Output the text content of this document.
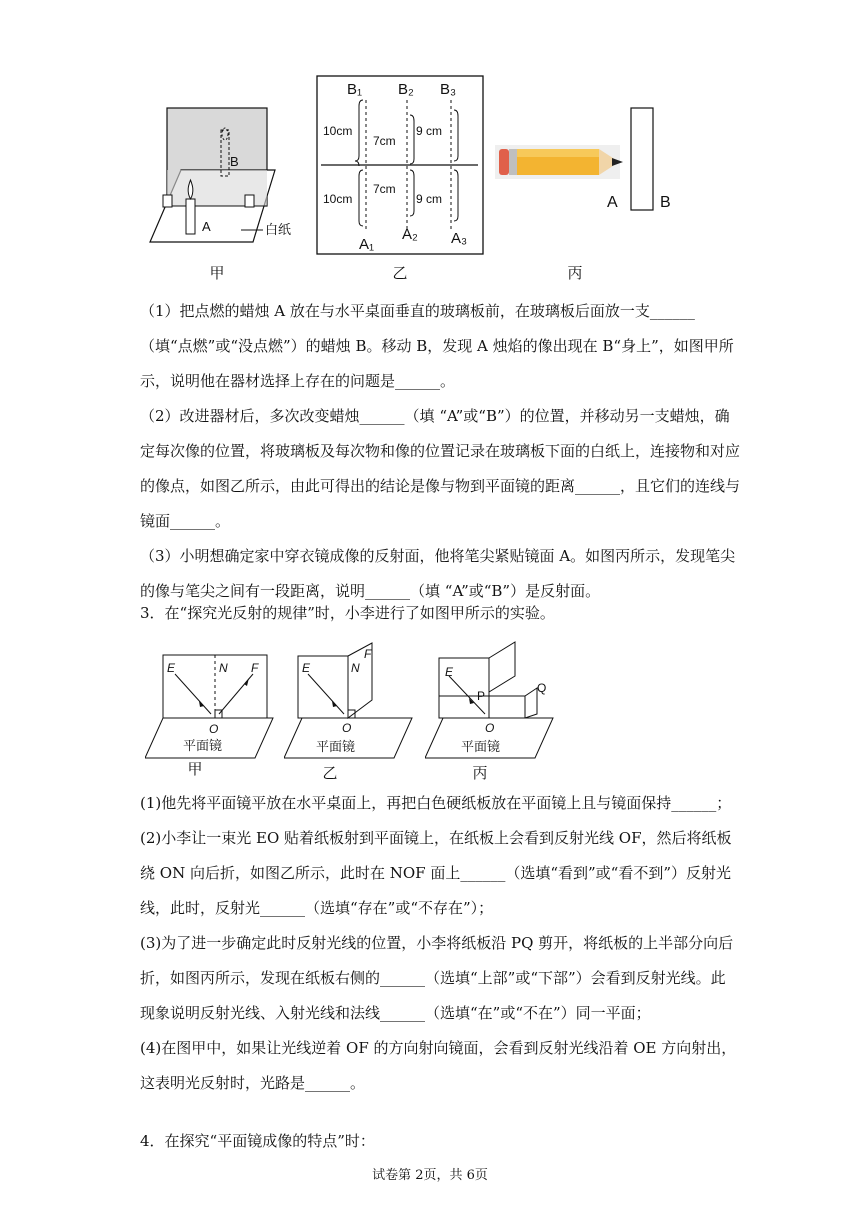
B
A	白纸
B₁ B₂ B₃
10cm
7cm
9 cm
10cm
7cm
9 cm
A₁
A₂ A₃
A	B
甲	乙	丙

（1）把点燃的蜡烛 A 放在与水平桌面垂直的玻璃板前，在玻璃板后面放一支______（填“点燃”或“没点燃”）的蜡烛 B。移动 B，发现 A 烛焰的像出现在 B“身上”，如图甲所示，说明他在器材选择上存在的问题是______。

（2）改进器材后，多次改变蜡烛______（填 “A”或“B”）的位置，并移动另一支蜡烛，确定每次像的位置，将玻璃板及每次物和像的位置记录在玻璃板下面的白纸上，连接物和对应的像点，如图乙所示，由此可得出的结论是像与物到平面镜的距离______，且它们的连线与镜面______。

（3）小明想确定家中穿衣镜成像的反射面，他将笔尖紧贴镜面 A。如图丙所示，发现笔尖的像与笔尖之间有一段距离，说明______（填 “A”或“B”）是反射面。

3．在“探究光反射的规律”时，小李进行了如图甲所示的实验。
E	N F
O
平面镜
E	N
F
O
平面镜
E
P
Q
O
平面镜
甲	乙	丙

(1)他先将平面镜平放在水平桌面上，再把白色硬纸板放在平面镜上且与镜面保持______；

(2)小李让一束光 EO 贴着纸板射到平面镜上，在纸板上会看到反射光线 OF，然后将纸板绕 ON 向后折，如图乙所示，此时在 NOF 面上______（选填“看到”或“看不到”）反射光线，此时，反射光______（选填“存在”或“不存在”）；

(3)为了进一步确定此时反射光线的位置，小李将纸板沿 PQ 剪开，将纸板的上半部分向后折，如图丙所示，发现在纸板右侧的______（选填“上部”或“下部”）会看到反射光线。此现象说明反射光线、入射光线和法线______（选填“在”或“不在”）同一平面；

(4)在图甲中，如果让光线逆着 OF 的方向射向镜面，会看到反射光线沿着 OE 方向射出，这表明光反射时，光路是______。

4．在探究“平面镜成像的特点”时：
试卷第 2页，共 6页
